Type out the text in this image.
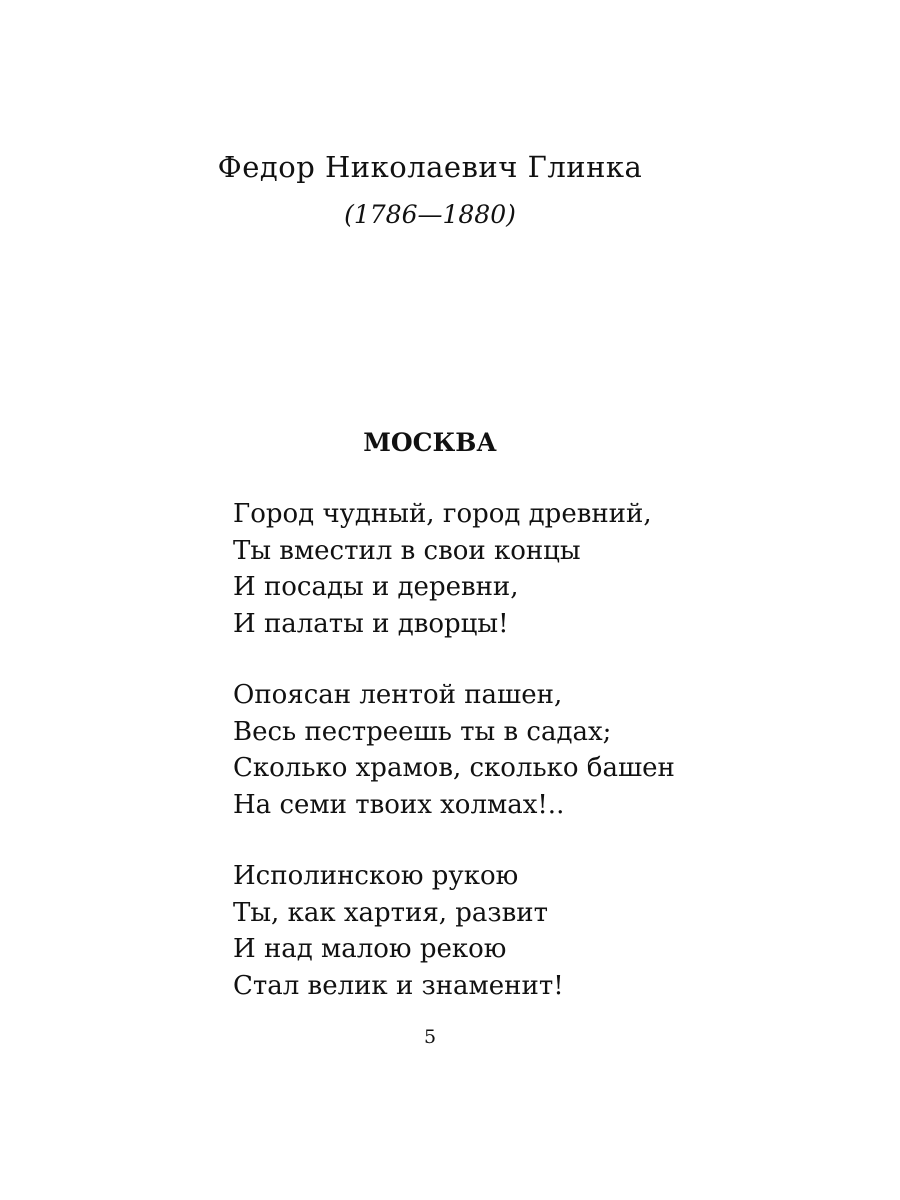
Федор Николаевич Глинка
(1786—1880)
МОСКВА
Город чудный, город древний,
Ты вместил в свои концы
И посады и деревни,
И палаты и дворцы!
Опоясан лентой пашен,
Весь пестреешь ты в садах;
Сколько храмов, сколько башен
На семи твоих холмах!..
Исполинскою рукою
Ты, как хартия, развит
И над малою рекою
Стал велик и знаменит!
5
